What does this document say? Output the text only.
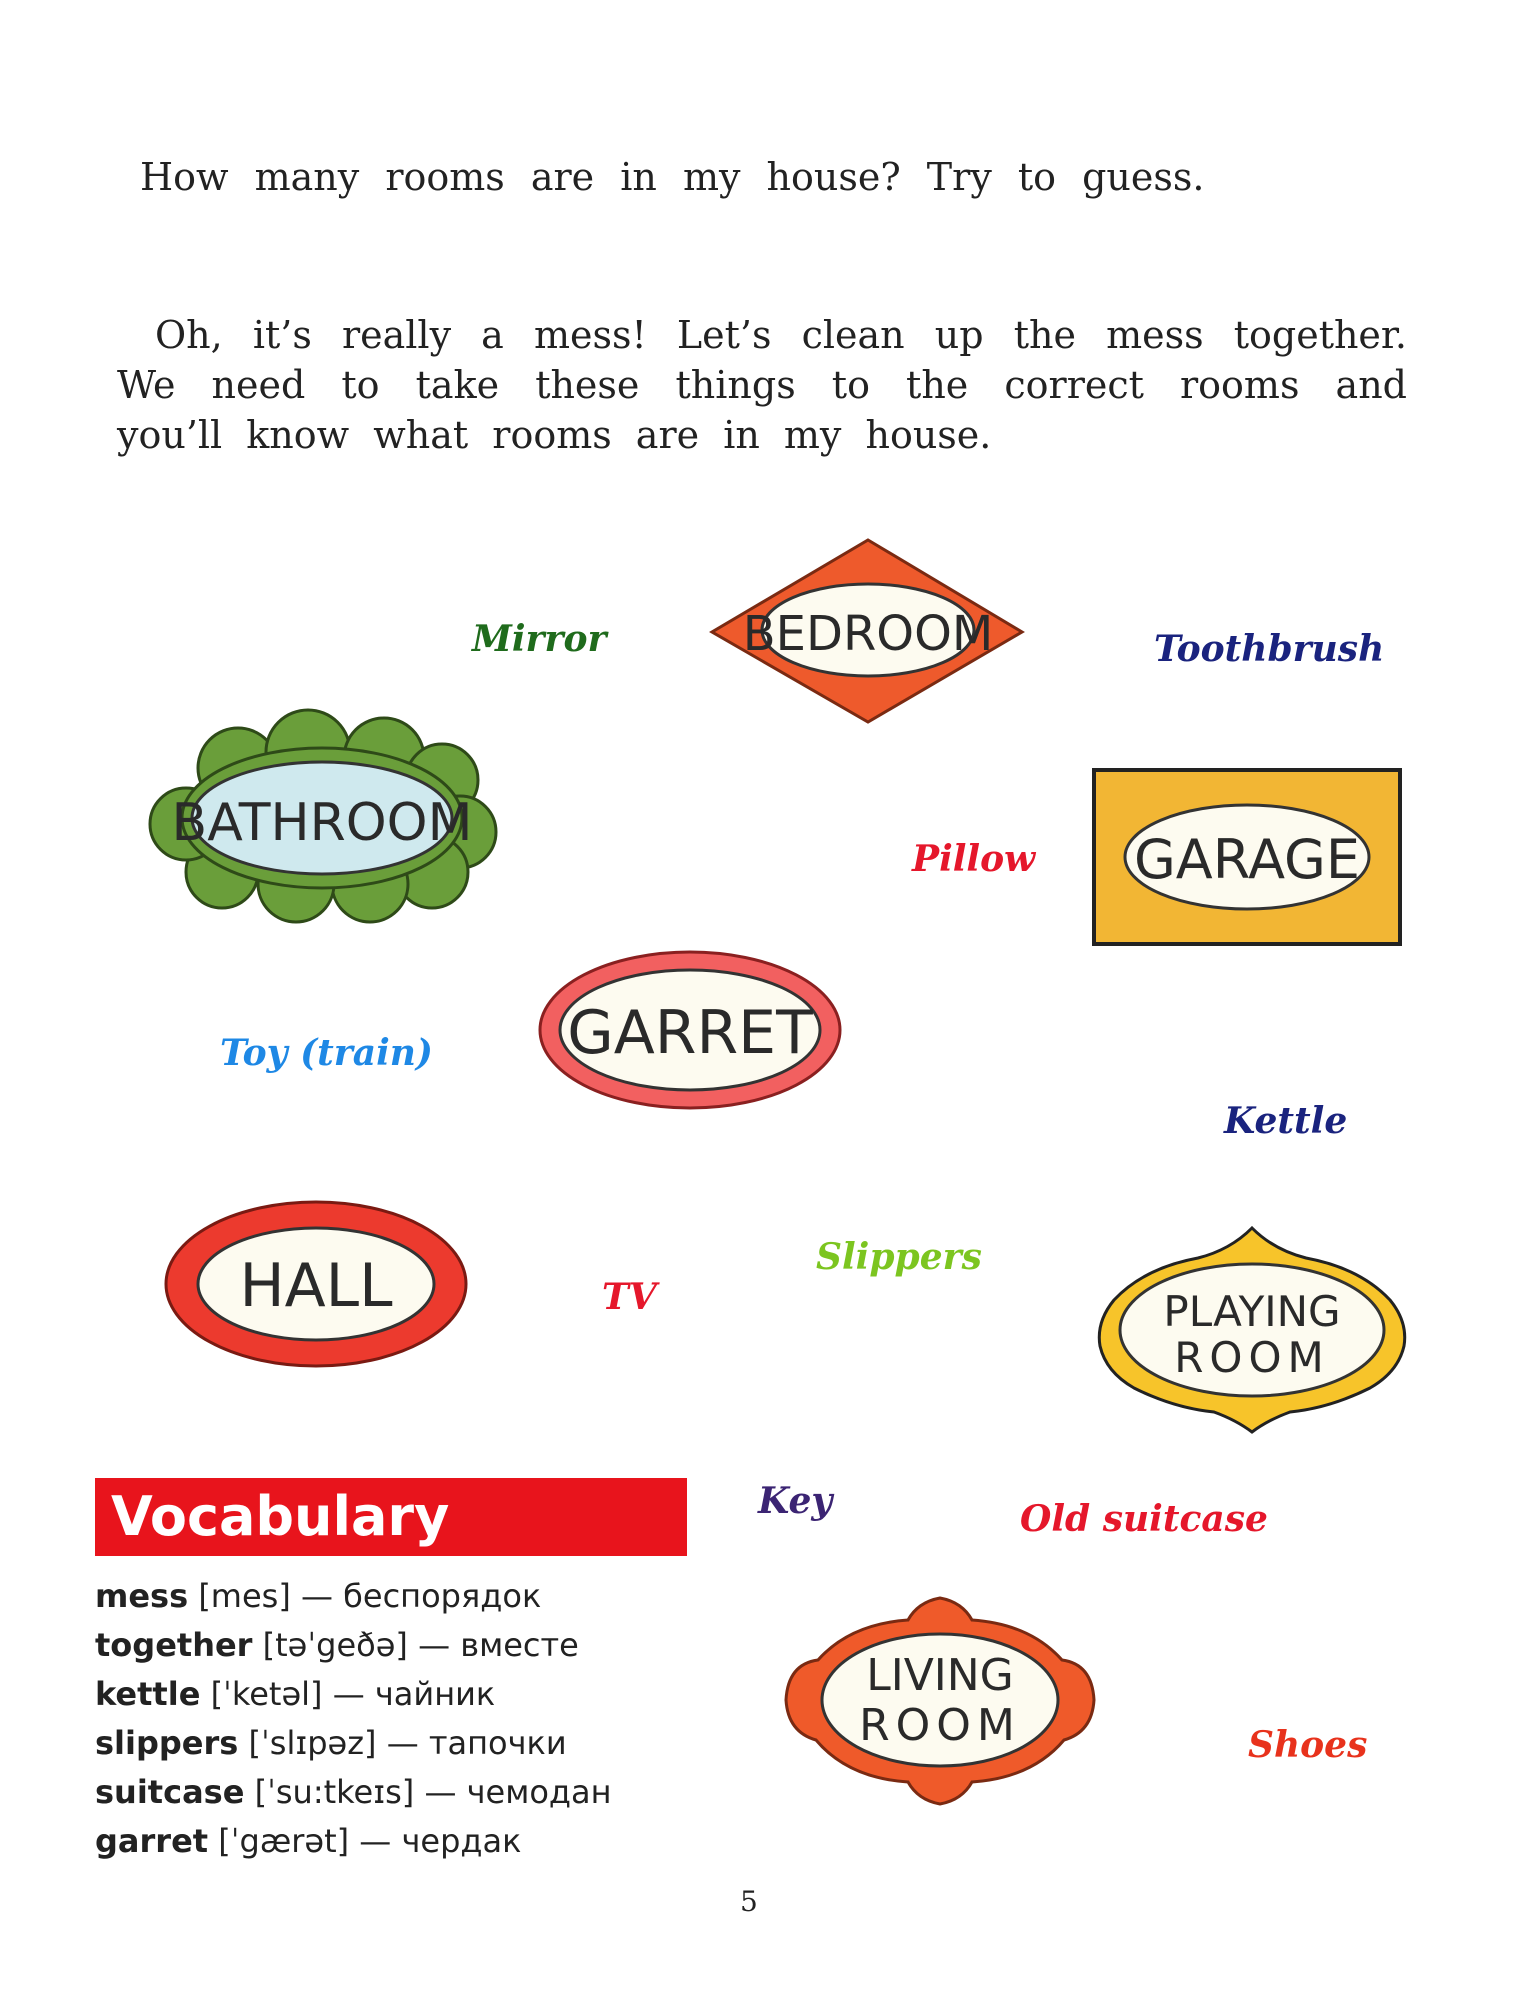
How many rooms are in my house? Try to guess.

Oh, it’s really a mess! Let’s clean up the mess together. We need to take these things to the correct rooms and you’ll know what rooms are in my house.

BEDROOM
BATHROOM
GARAGE
GARRET
HALL	PLAYING
ROOM
LIVING
ROOM
Mirror	Toothbrush
Pillow
Toy (train)
Kettle
Slippers
TV
Key	Old suitcase
Shoes
Vocabulary
mess [mes] — беспорядок
together [təˈgeðə] — вместе
kettle [ˈketəl] — чайник
slippers [ˈslɪpəz] — тапочки
suitcase [ˈsu:tkeɪs] — чемодан
garret [ˈgærət] — чердак
5
